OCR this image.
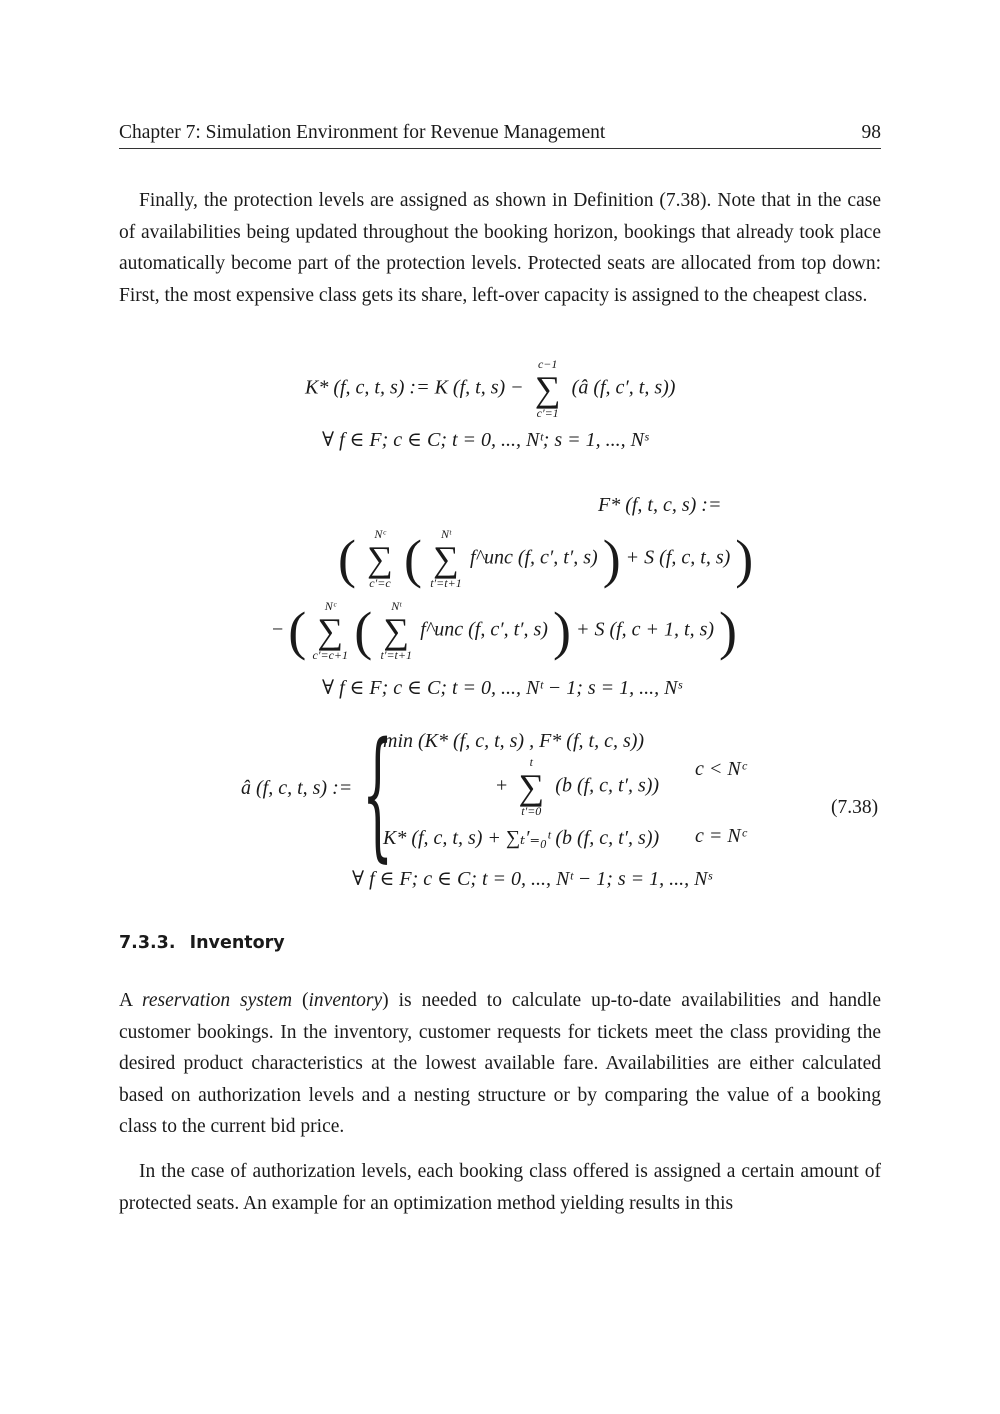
Chapter 7: Simulation Environment for Revenue Management	98

Finally, the protection levels are assigned as shown in Definition (7.38). Note that in the case of availabilities being updated throughout the booking horizon, bookings that already took place automatically become part of the protection levels. Protected seats are allocated from top down: First, the most expensive class gets its share, left-over capacity is assigned to the cheapest class.

K* (f, c, t, s) := K (f, t, s) −
c−1
∑
c′=1
(â (f, c′, t, s))
∀ f ∈ F; c ∈ C; t = 0, ..., Nᵗ; s = 1, ..., Nˢ
F* (f, t, c, s) :=
(	Nᶜ
∑
c′=c (	Nᵗ
∑
t′=t+1
f^unc (f, c′, t′, s) ) + S (f, c, t, s) )
− (	Nᶜ
∑
c′=c+1 (	Nᵗ
∑
t′=t+1
f^unc (f, c′, t′, s) ) + S (f, c + 1, t, s) )
∀ f ∈ F; c ∈ C; t = 0, ..., Nᵗ − 1; s = 1, ..., Nˢ
â (f, c, t, s) := {
min (K* (f, c, t, s) , F* (f, t, c, s))
+
t
∑
t′=0
(b (f, c, t′, s))
c < Nᶜ
K* (f, c, t, s) + ∑ₜ′₌₀ᵗ (b (f, c, t′, s)) c = Nᶜ
(7.38)
∀ f ∈ F; c ∈ C; t = 0, ..., Nᵗ − 1; s = 1, ..., Nˢ
7.3.3. Inventory

A reservation system (inventory) is needed to calculate up-to-date availabilities and handle customer bookings. In the inventory, customer requests for tickets meet the class providing the desired product characteristics at the lowest available fare. Availabilities are either calculated based on authorization levels and a nesting structure or by comparing the value of a booking class to the current bid price.

In the case of authorization levels, each booking class offered is assigned a certain amount of protected seats. An example for an optimization method yielding results in this
